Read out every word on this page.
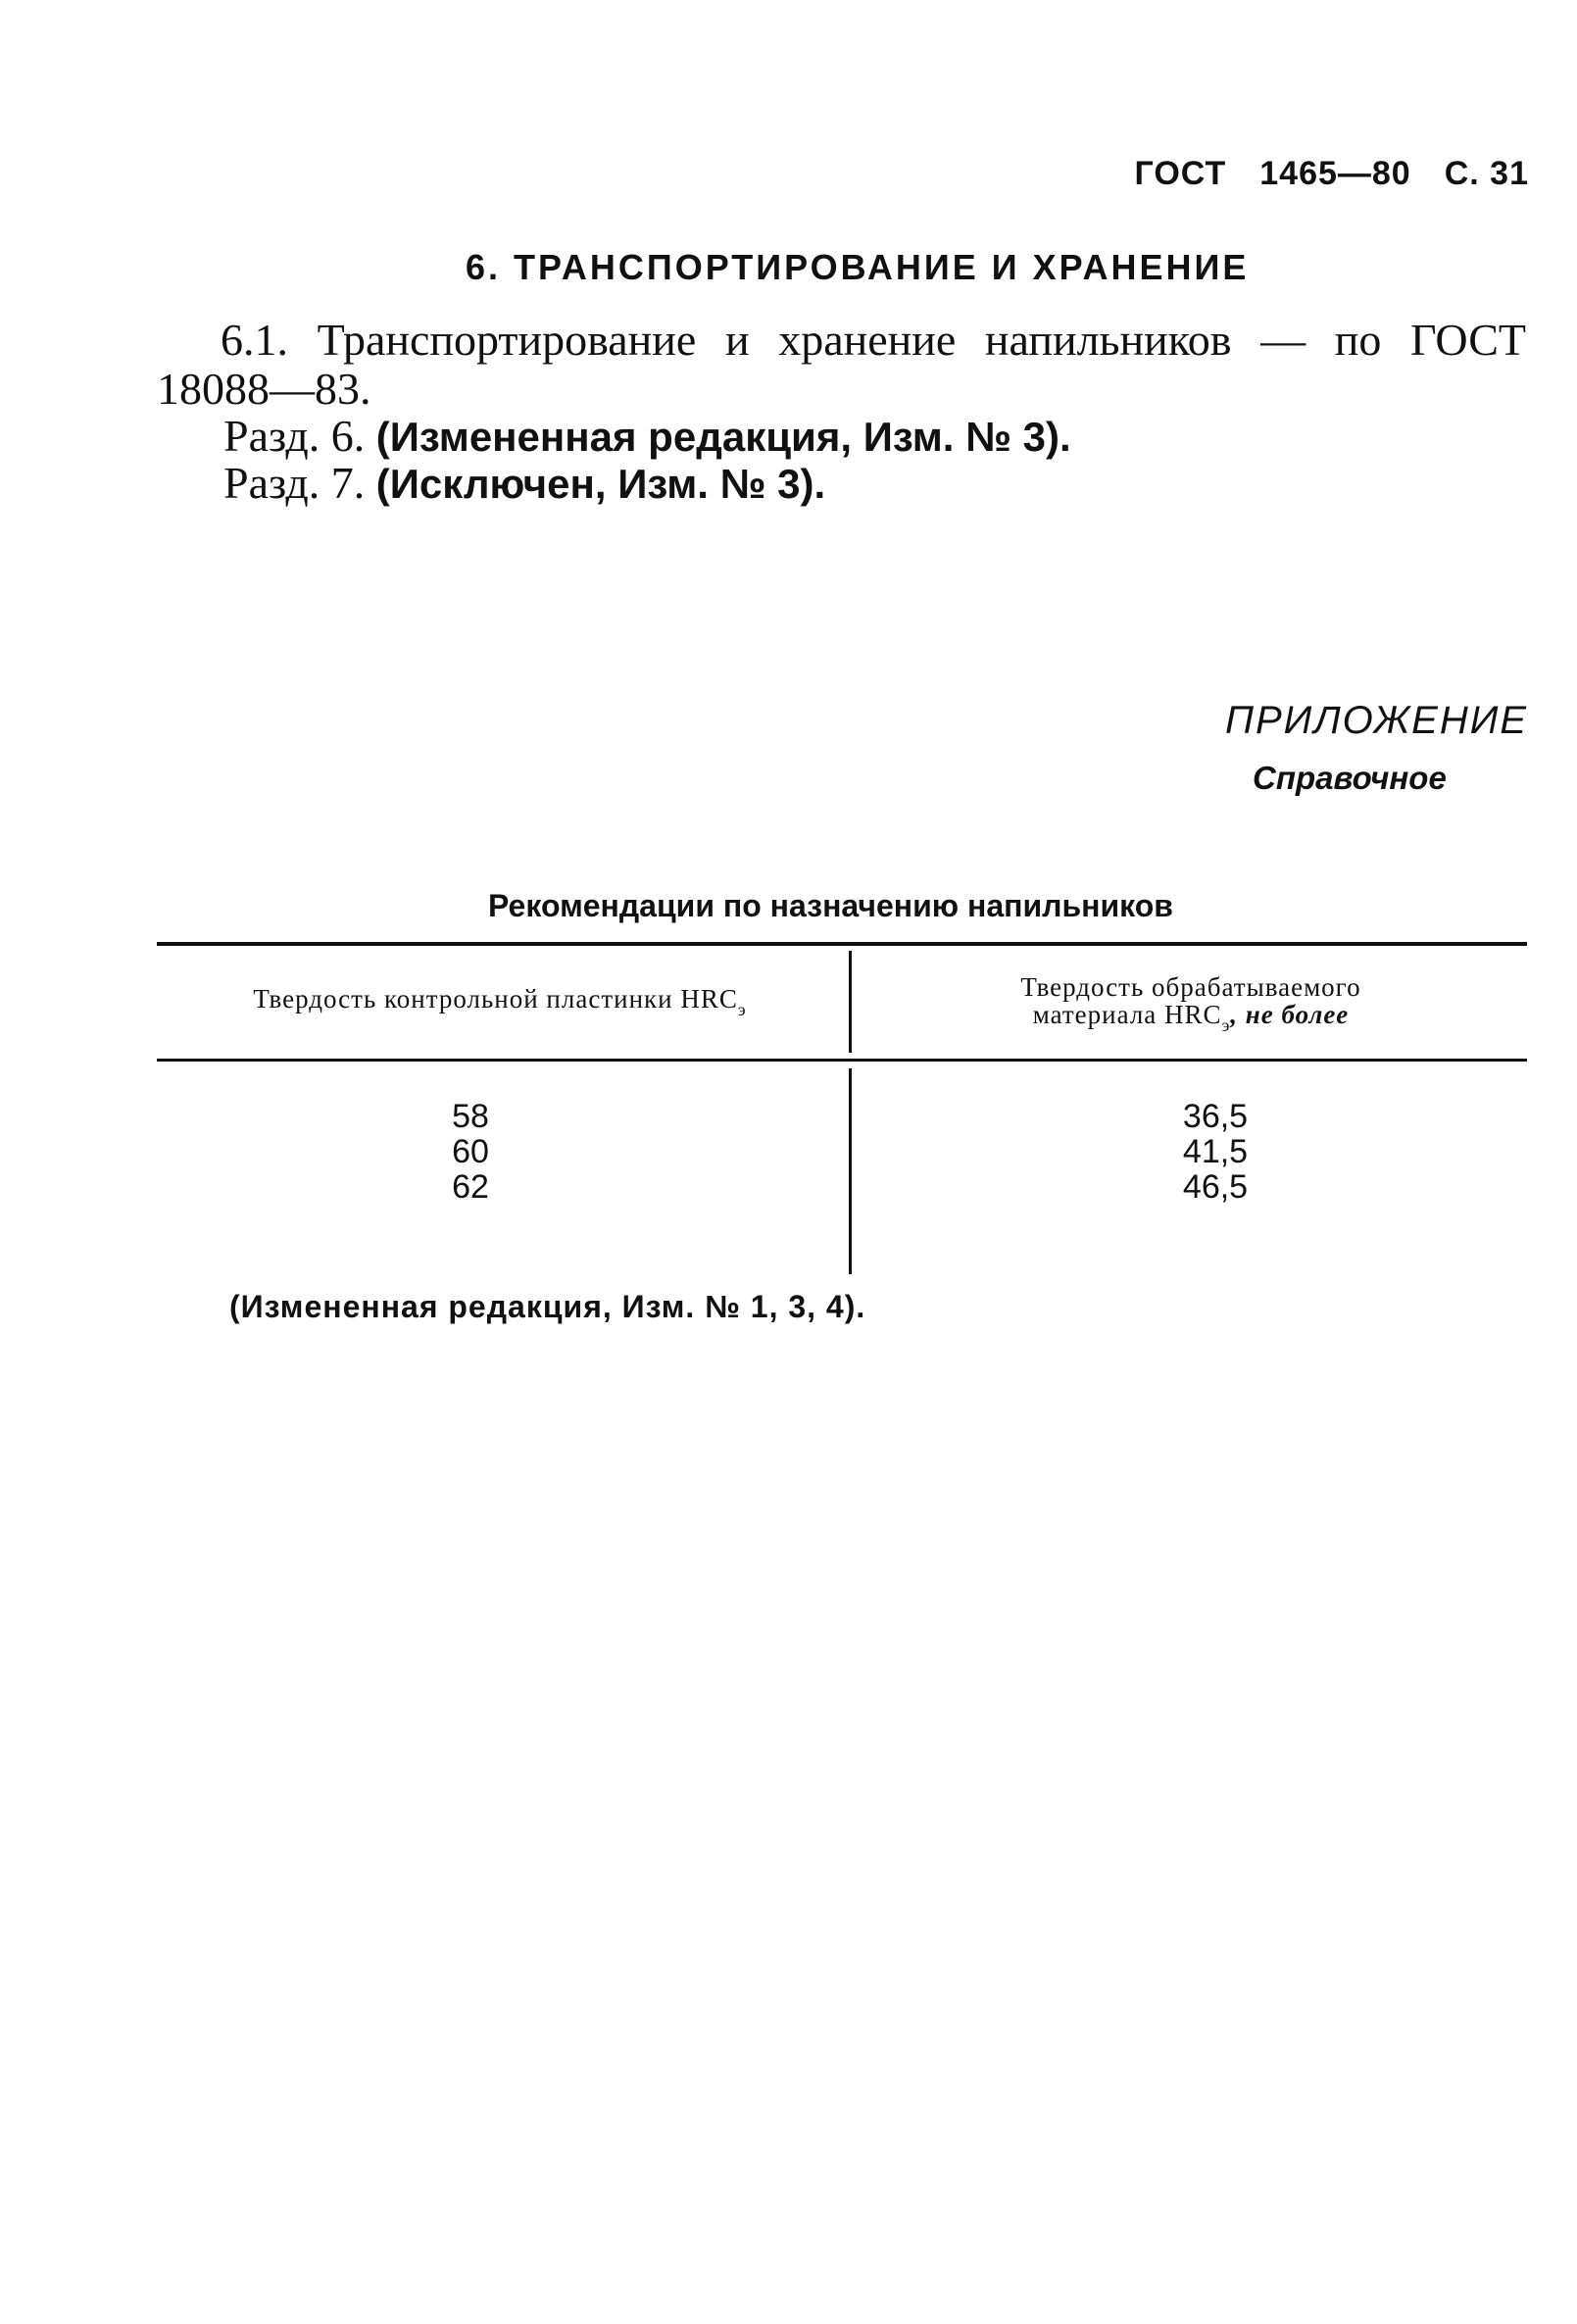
ГОСТ 1465—80 С. 31
6. ТРАНСПОРТИРОВАНИЕ И ХРАНЕНИЕ
6.1. Транспортирование и хранение напильников — по ГОСТ
18088—83.
Разд. 6. (Измененная редакция, Изм. № 3).
Разд. 7. (Исключен, Изм. № 3).
ПРИЛОЖЕНИЕ
Справочное
Рекомендации по назначению напильников
Твердость контрольной пластинки $HRC_э$
Твердость обрабатываемого
материала $HRC_э$, не более
58
60
62
36,5
41,5
46,5
(Измененная редакция, Изм. № 1, 3, 4).
